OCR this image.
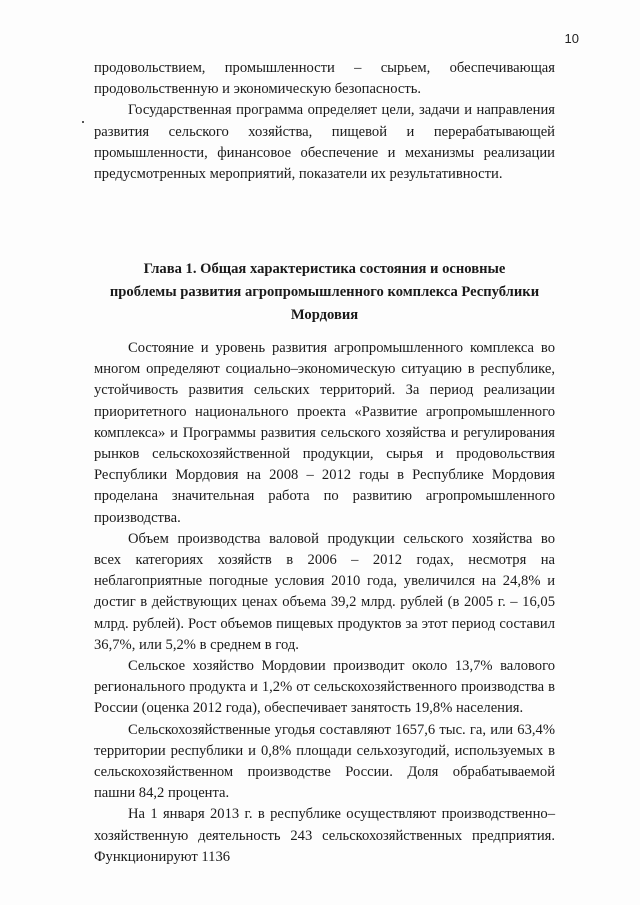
10

продовольствием, промышленности – сырьем, обеспечивающая продовольственную и экономическую безопасность.

Государственная программа определяет цели, задачи и направления развития сельского хозяйства, пищевой и перерабатывающей промышленности, финансовое обеспечение и механизмы реализации предусмотренных мероприятий, показатели их результативности.

Глава 1. Общая характеристика состояния и основные
проблемы развития агропромышленного комплекса Республики
Мордовия

Состояние и уровень развития агропромышленного комплекса во многом определяют социально–экономическую ситуацию в республике, устойчивость развития сельских территорий. За период реализации приоритетного национального проекта «Развитие агропромышленного комплекса» и Программы развития сельского хозяйства и регулирования рынков сельскохозяйственной продукции, сырья и продовольствия Республики Мордовия на 2008 – 2012 годы в Республике Мордовия проделана значительная работа по развитию агропромышленного производства.

Объем производства валовой продукции сельского хозяйства во всех категориях хозяйств в 2006 – 2012 годах, несмотря на неблагоприятные погодные условия 2010 года, увеличился на 24,8% и достиг в действующих ценах объема 39,2 млрд. рублей (в 2005 г. – 16,05 млрд. рублей). Рост объемов пищевых продуктов за этот период составил 36,7%, или 5,2% в среднем в год.

Сельское хозяйство Мордовии производит около 13,7% валового регионального продукта и 1,2% от сельскохозяйственного производства в России (оценка 2012 года), обеспечивает занятость 19,8% населения.

Сельскохозяйственные угодья составляют 1657,6 тыс. га, или 63,4% территории республики и 0,8% площади сельхозугодий, используемых в сельскохозяйственном производстве России. Доля обрабатываемой пашни 84,2 процента.

На 1 января 2013 г. в республике осуществляют производственно–хозяйственную деятельность 243 сельскохозяйственных предприятия. Функционируют 1136
